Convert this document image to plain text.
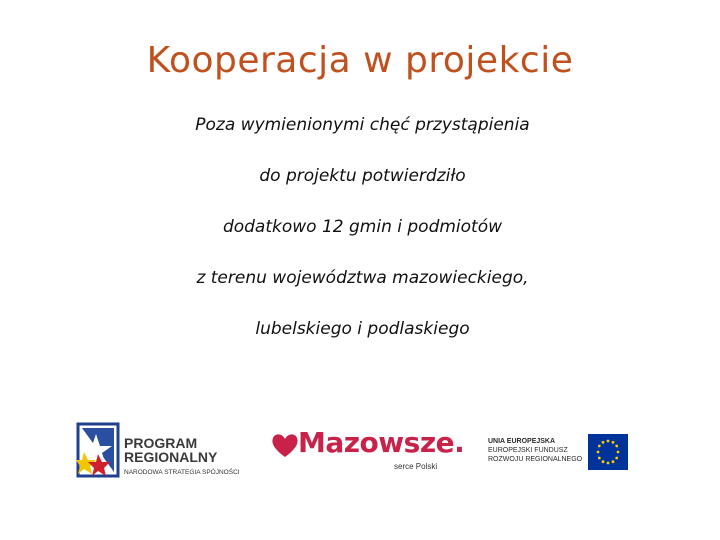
Kooperacja w projekcie
Poza wymienionymi chęć przystąpienia
do projektu potwierdziło
dodatkowo 12 gmin i podmiotów
z terenu województwa mazowieckiego,
lubelskiego i podlaskiego
PROGRAM
REGIONALNY
NARODOWA STRATEGIA SPÓJNOŚCI
Mazowsze.
serce Polski
UNIA EUROPEJSKA
EUROPEJSKI FUNDUSZ
ROZWOJU REGIONALNEGO
